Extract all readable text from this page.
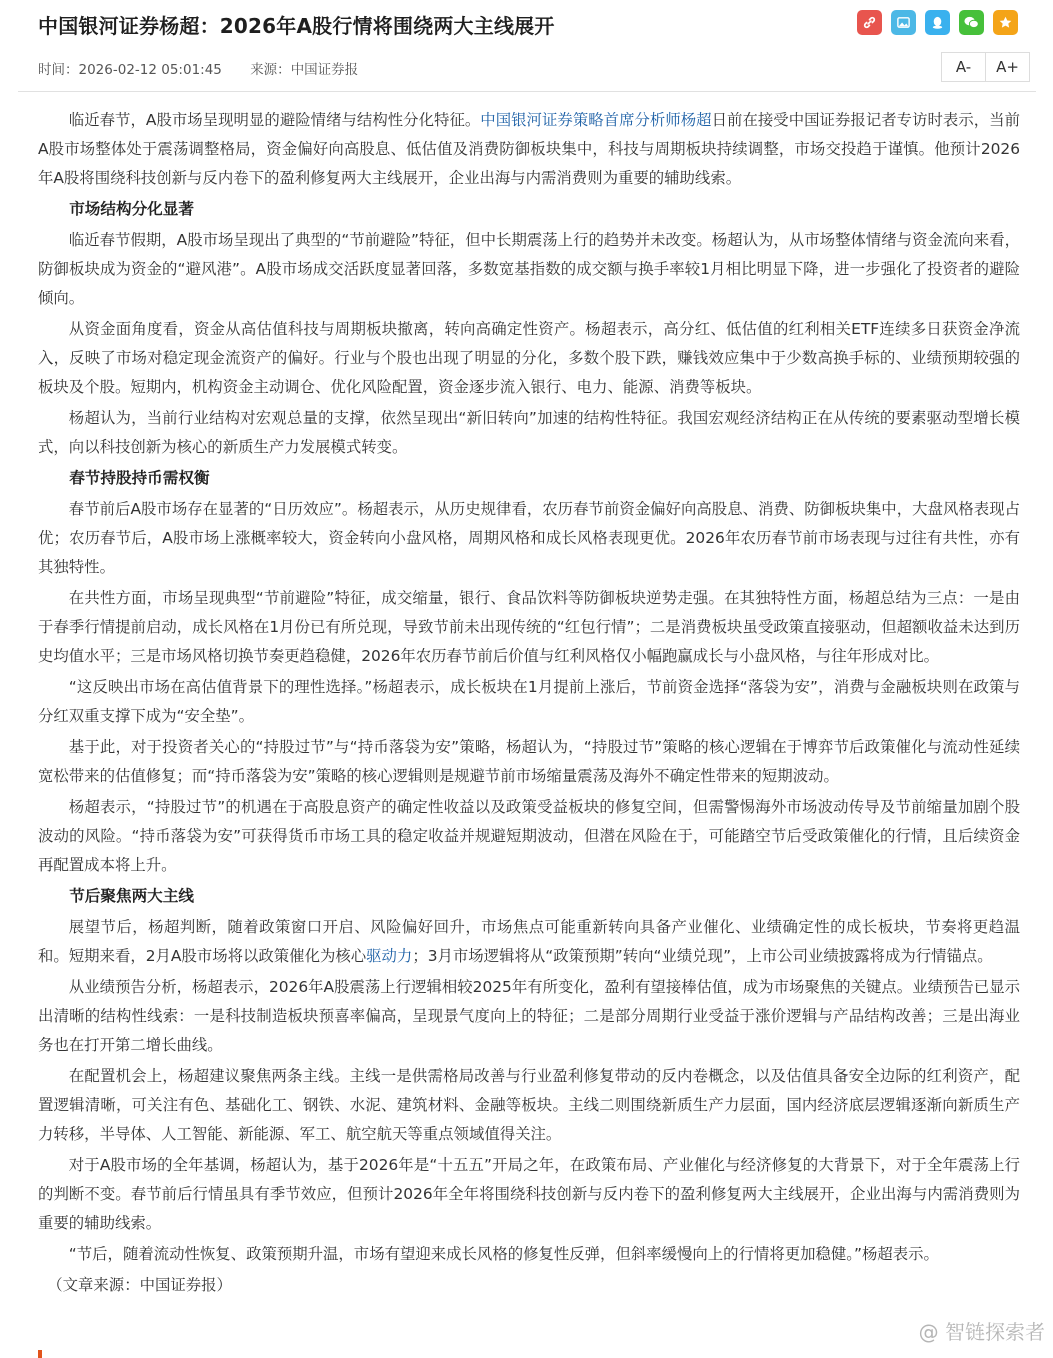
中国银河证券杨超：2026年A股行情将围绕两大主线展开
时间：2026-02-12 05:01:45 来源：中国证券报	A-	A+

临近春节，A股市场呈现明显的避险情绪与结构性分化特征。中国银河证券策略首席分析师杨超日前在接受中国证券报记者专访时表示，当前A股市场整体处于震荡调整格局，资金偏好向高股息、低估值及消费防御板块集中，科技与周期板块持续调整，市场交投趋于谨慎。他预计2026年A股将围绕科技创新与反内卷下的盈利修复两大主线展开，企业出海与内需消费则为重要的辅助线索。

市场结构分化显著

临近春节假期，A股市场呈现出了典型的“节前避险”特征，但中长期震荡上行的趋势并未改变。杨超认为，从市场整体情绪与资金流向来看，防御板块成为资金的“避风港”。A股市场成交活跃度显著回落，多数宽基指数的成交额与换手率较1月相比明显下降，进一步强化了投资者的避险倾向。

从资金面角度看，资金从高估值科技与周期板块撤离，转向高确定性资产。杨超表示，高分红、低估值的红利相关ETF连续多日获资金净流入，反映了市场对稳定现金流资产的偏好。行业与个股也出现了明显的分化，多数个股下跌，赚钱效应集中于少数高换手标的、业绩预期较强的板块及个股。短期内，机构资金主动调仓、优化风险配置，资金逐步流入银行、电力、能源、消费等板块。

杨超认为，当前行业结构对宏观总量的支撑，依然呈现出“新旧转向”加速的结构性特征。我国宏观经济结构正在从传统的要素驱动型增长模式，向以科技创新为核心的新质生产力发展模式转变。

春节持股持币需权衡

春节前后A股市场存在显著的“日历效应”。杨超表示，从历史规律看，农历春节前资金偏好向高股息、消费、防御板块集中，大盘风格表现占优；农历春节后，A股市场上涨概率较大，资金转向小盘风格，周期风格和成长风格表现更优。2026年农历春节前市场表现与过往有共性，亦有其独特性。

在共性方面，市场呈现典型“节前避险”特征，成交缩量，银行、食品饮料等防御板块逆势走强。在其独特性方面，杨超总结为三点：一是由于春季行情提前启动，成长风格在1月份已有所兑现，导致节前未出现传统的“红包行情”；二是消费板块虽受政策直接驱动，但超额收益未达到历史均值水平；三是市场风格切换节奏更趋稳健，2026年农历春节前后价值与红利风格仅小幅跑赢成长与小盘风格，与往年形成对比。

“这反映出市场在高估值背景下的理性选择。”杨超表示，成长板块在1月提前上涨后，节前资金选择“落袋为安”，消费与金融板块则在政策与分红双重支撑下成为“安全垫”。

基于此，对于投资者关心的“持股过节”与“持币落袋为安”策略，杨超认为，“持股过节”策略的核心逻辑在于博弈节后政策催化与流动性延续宽松带来的估值修复；而“持币落袋为安”策略的核心逻辑则是规避节前市场缩量震荡及海外不确定性带来的短期波动。

杨超表示，“持股过节”的机遇在于高股息资产的确定性收益以及政策受益板块的修复空间，但需警惕海外市场波动传导及节前缩量加剧个股波动的风险。“持币落袋为安”可获得货币市场工具的稳定收益并规避短期波动，但潜在风险在于，可能踏空节后受政策催化的行情，且后续资金再配置成本将上升。

节后聚焦两大主线

展望节后，杨超判断，随着政策窗口开启、风险偏好回升，市场焦点可能重新转向具备产业催化、业绩确定性的成长板块，节奏将更趋温和。短期来看，2月A股市场将以政策催化为核心驱动力；3月市场逻辑将从“政策预期”转向“业绩兑现”，上市公司业绩披露将成为行情锚点。

从业绩预告分析，杨超表示，2026年A股震荡上行逻辑相较2025年有所变化，盈利有望接棒估值，成为市场聚焦的关键点。业绩预告已显示出清晰的结构性线索：一是科技制造板块预喜率偏高，呈现景气度向上的特征；二是部分周期行业受益于涨价逻辑与产品结构改善；三是出海业务也在打开第二增长曲线。

在配置机会上，杨超建议聚焦两条主线。主线一是供需格局改善与行业盈利修复带动的反内卷概念，以及估值具备安全边际的红利资产，配置逻辑清晰，可关注有色、基础化工、钢铁、水泥、建筑材料、金融等板块。主线二则围绕新质生产力层面，国内经济底层逻辑逐渐向新质生产力转移，半导体、人工智能、新能源、军工、航空航天等重点领域值得关注。

对于A股市场的全年基调，杨超认为，基于2026年是“十五五”开局之年，在政策布局、产业催化与经济修复的大背景下，对于全年震荡上行的判断不变。春节前后行情虽具有季节效应，但预计2026年全年将围绕科技创新与反内卷下的盈利修复两大主线展开，企业出海与内需消费则为重要的辅助线索。

“节后，随着流动性恢复、政策预期升温，市场有望迎来成长风格的修复性反弹，但斜率缓慢向上的行情将更加稳健。”杨超表示。

（文章来源：中国证券报）

@ 智链探索者
